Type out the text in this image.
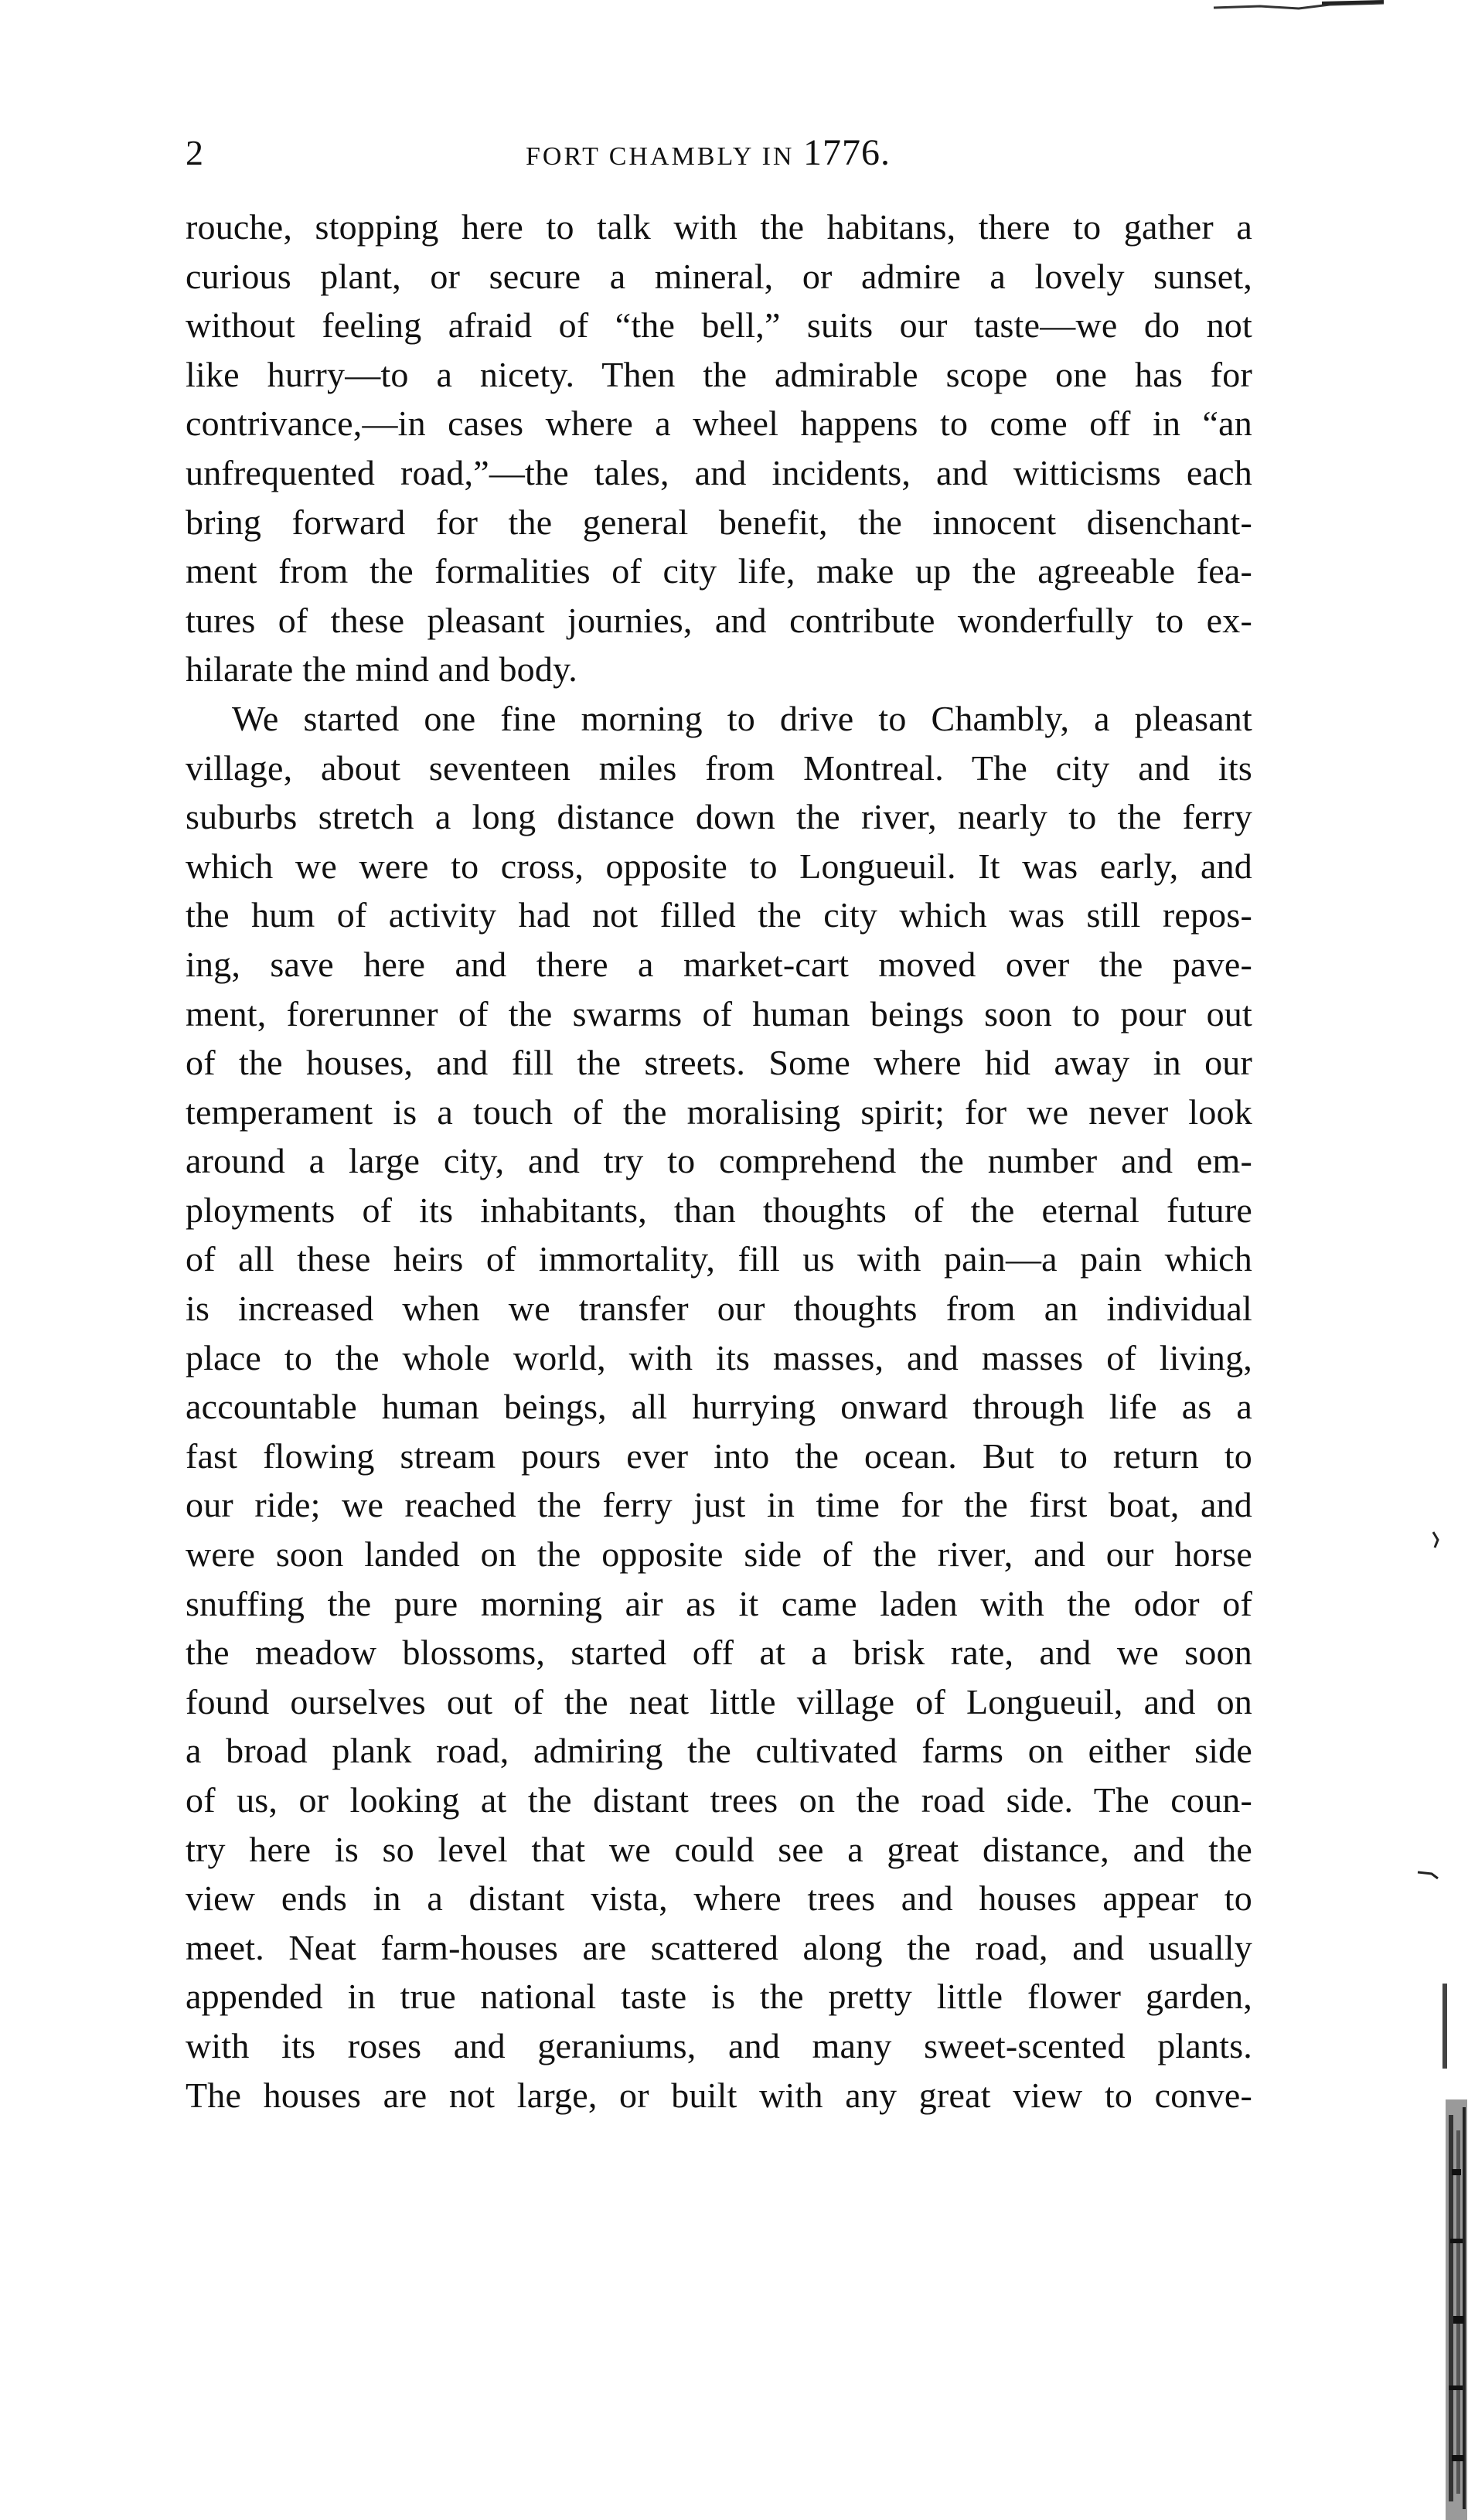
2	FORT CHAMBLY IN 1776.
rouche, stopping here to talk with the habitans, there to gather a
curious plant, or secure a mineral, or admire a lovely sunset,
without feeling afraid of “the bell,” suits our taste—we do not
like hurry—to a nicety. Then the admirable scope one has for
contrivance,—in cases where a wheel happens to come off in “an
unfrequented road,”—the tales, and incidents, and witticisms each
bring forward for the general benefit, the innocent disenchant-
ment from the formalities of city life, make up the agreeable fea-
tures of these pleasant journies, and contribute wonderfully to ex-
hilarate the mind and body.
We started one fine morning to drive to Chambly, a pleasant
village, about seventeen miles from Montreal. The city and its
suburbs stretch a long distance down the river, nearly to the ferry
which we were to cross, opposite to Longueuil. It was early, and
the hum of activity had not filled the city which was still repos-
ing, save here and there a market-cart moved over the pave-
ment, forerunner of the swarms of human beings soon to pour out
of the houses, and fill the streets. Some where hid away in our
temperament is a touch of the moralising spirit; for we never look
around a large city, and try to comprehend the number and em-
ployments of its inhabitants, than thoughts of the eternal future
of all these heirs of immortality, fill us with pain—a pain which
is increased when we transfer our thoughts from an individual
place to the whole world, with its masses, and masses of living,
accountable human beings, all hurrying onward through life as a
fast flowing stream pours ever into the ocean. But to return to
our ride; we reached the ferry just in time for the first boat, and
were soon landed on the opposite side of the river, and our horse
snuffing the pure morning air as it came laden with the odor of
the meadow blossoms, started off at a brisk rate, and we soon
found ourselves out of the neat little village of Longueuil, and on
a broad plank road, admiring the cultivated farms on either side
of us, or looking at the distant trees on the road side. The coun-
try here is so level that we could see a great distance, and the
view ends in a distant vista, where trees and houses appear to
meet. Neat farm-houses are scattered along the road, and usually
appended in true national taste is the pretty little flower garden,
with its roses and geraniums, and many sweet-scented plants.
The houses are not large, or built with any great view to conve-
